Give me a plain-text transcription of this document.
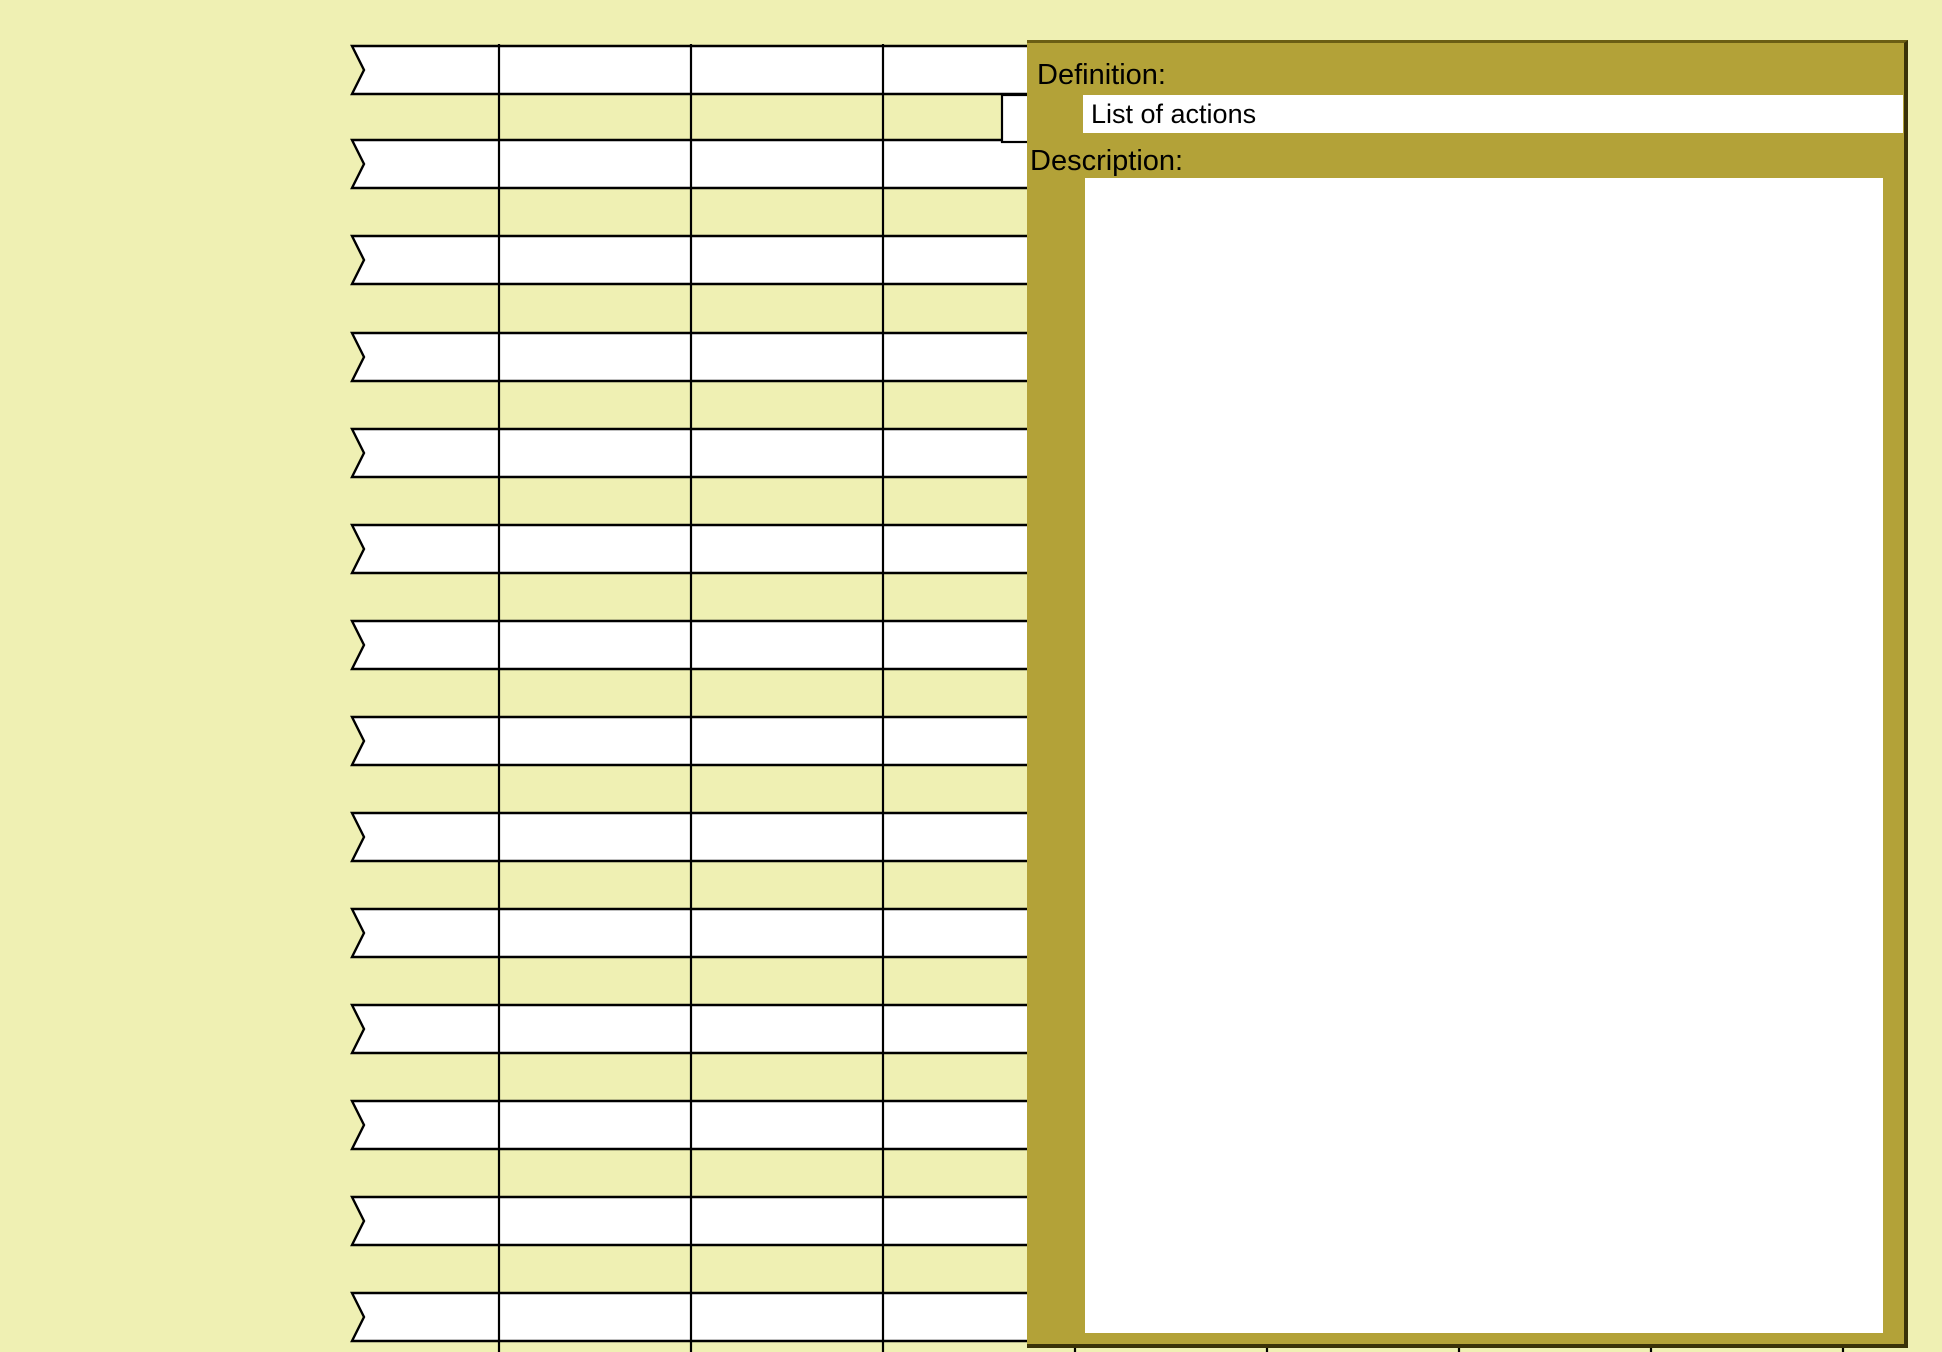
Definition:
List of actions
Description:
